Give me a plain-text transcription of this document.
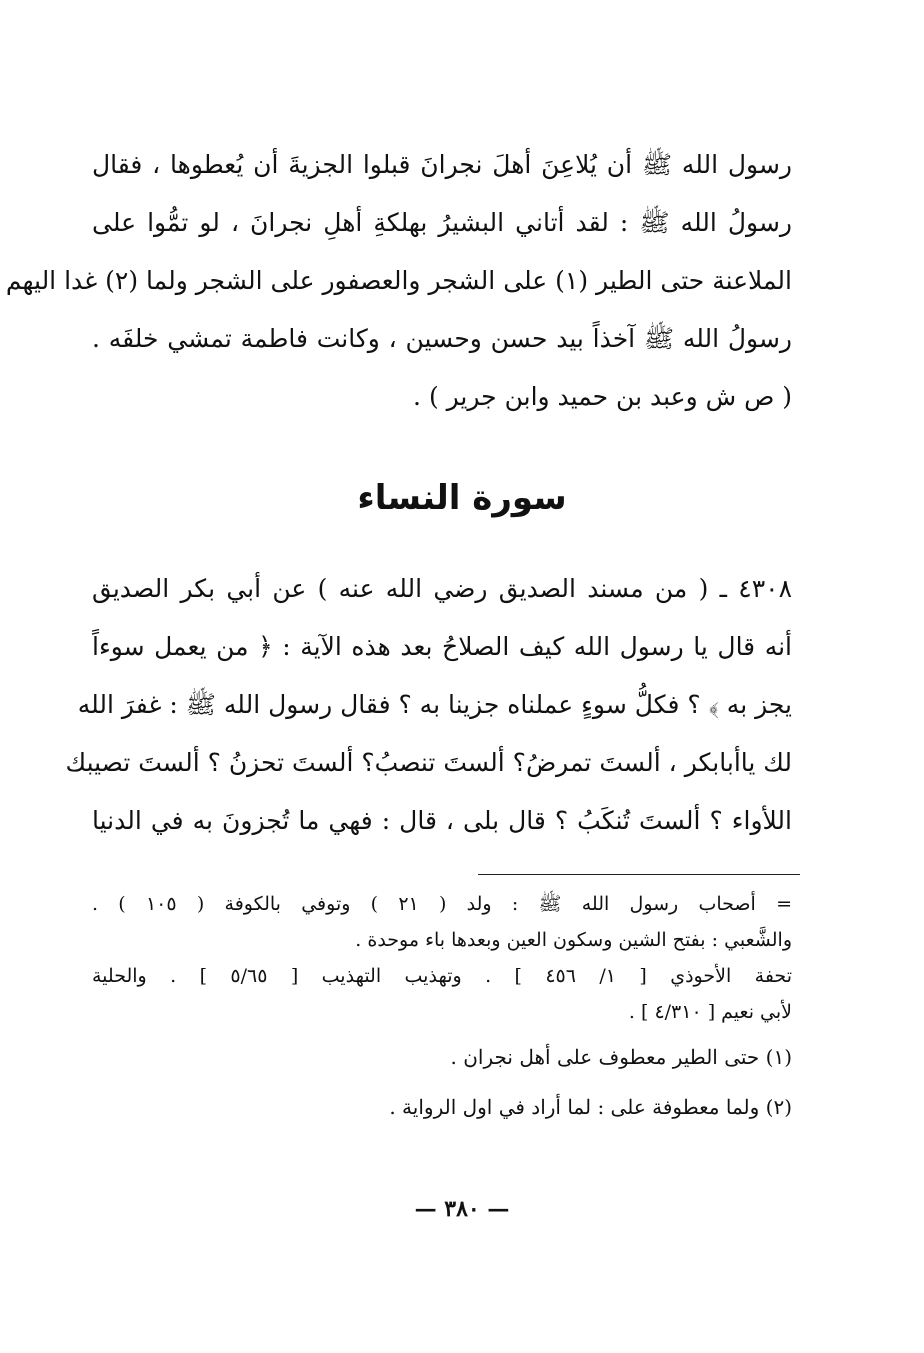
رسول الله ﷺ أن يُلاعِنَ أهلَ نجرانَ قبلوا الجزيةَ أن يُعطوها ، فقال
رسولُ الله ﷺ : لقد أتاني البشيرُ بهلكةِ أهلِ نجرانَ ، لو تمُّوا على
الملاعنة حتى الطير (١) على الشجر والعصفور على الشجر ولما (٢) غدا اليهم
رسولُ الله ﷺ آخذاً بيد حسن وحسين ، وكانت فاطمة تمشي خلفَه .
( ص ش وعبد بن حميد وابن جرير ) .
سورة النساء
٤٣٠٨ ـ ( من مسند الصديق رضي الله عنه ) عن أبي بكر الصديق
أنه قال يا رسول الله كيف الصلاحُ بعد هذه الآية : ﴿ من يعمل سوءاً
يجز به ﴾ ؟ فكلُّ سوءٍ عملناه جزينا به ؟ فقال رسول الله ﷺ : غفرَ الله
لك ياأبابكر ، ألستَ تمرضُ؟ ألستَ تنصبُ؟ ألستَ تحزنُ ؟ ألستَ تصيبك
اللأواء ؟ ألستَ تُنكَبُ ؟ قال بلى ، قال : فهي ما تُجزونَ به في الدنيا
= أصحاب رسول الله ﷺ : ولد ( ٢١ ) وتوفي بالكوفة ( ١٠٥ ) .
والشَّعبي : بفتح الشين وسكون العين وبعدها باء موحدة .
تحفة الأحوذي [ ١/ ٤٥٦ ] . وتهذيب التهذيب [ ٥/٦٥ ] . والحلية
لأبي نعيم [ ٤/٣١٠ ] .
(١) حتى الطير معطوف على أهل نجران .
(٢) ولما معطوفة على : لما أراد في اول الرواية .
— ٣٨٠ —
